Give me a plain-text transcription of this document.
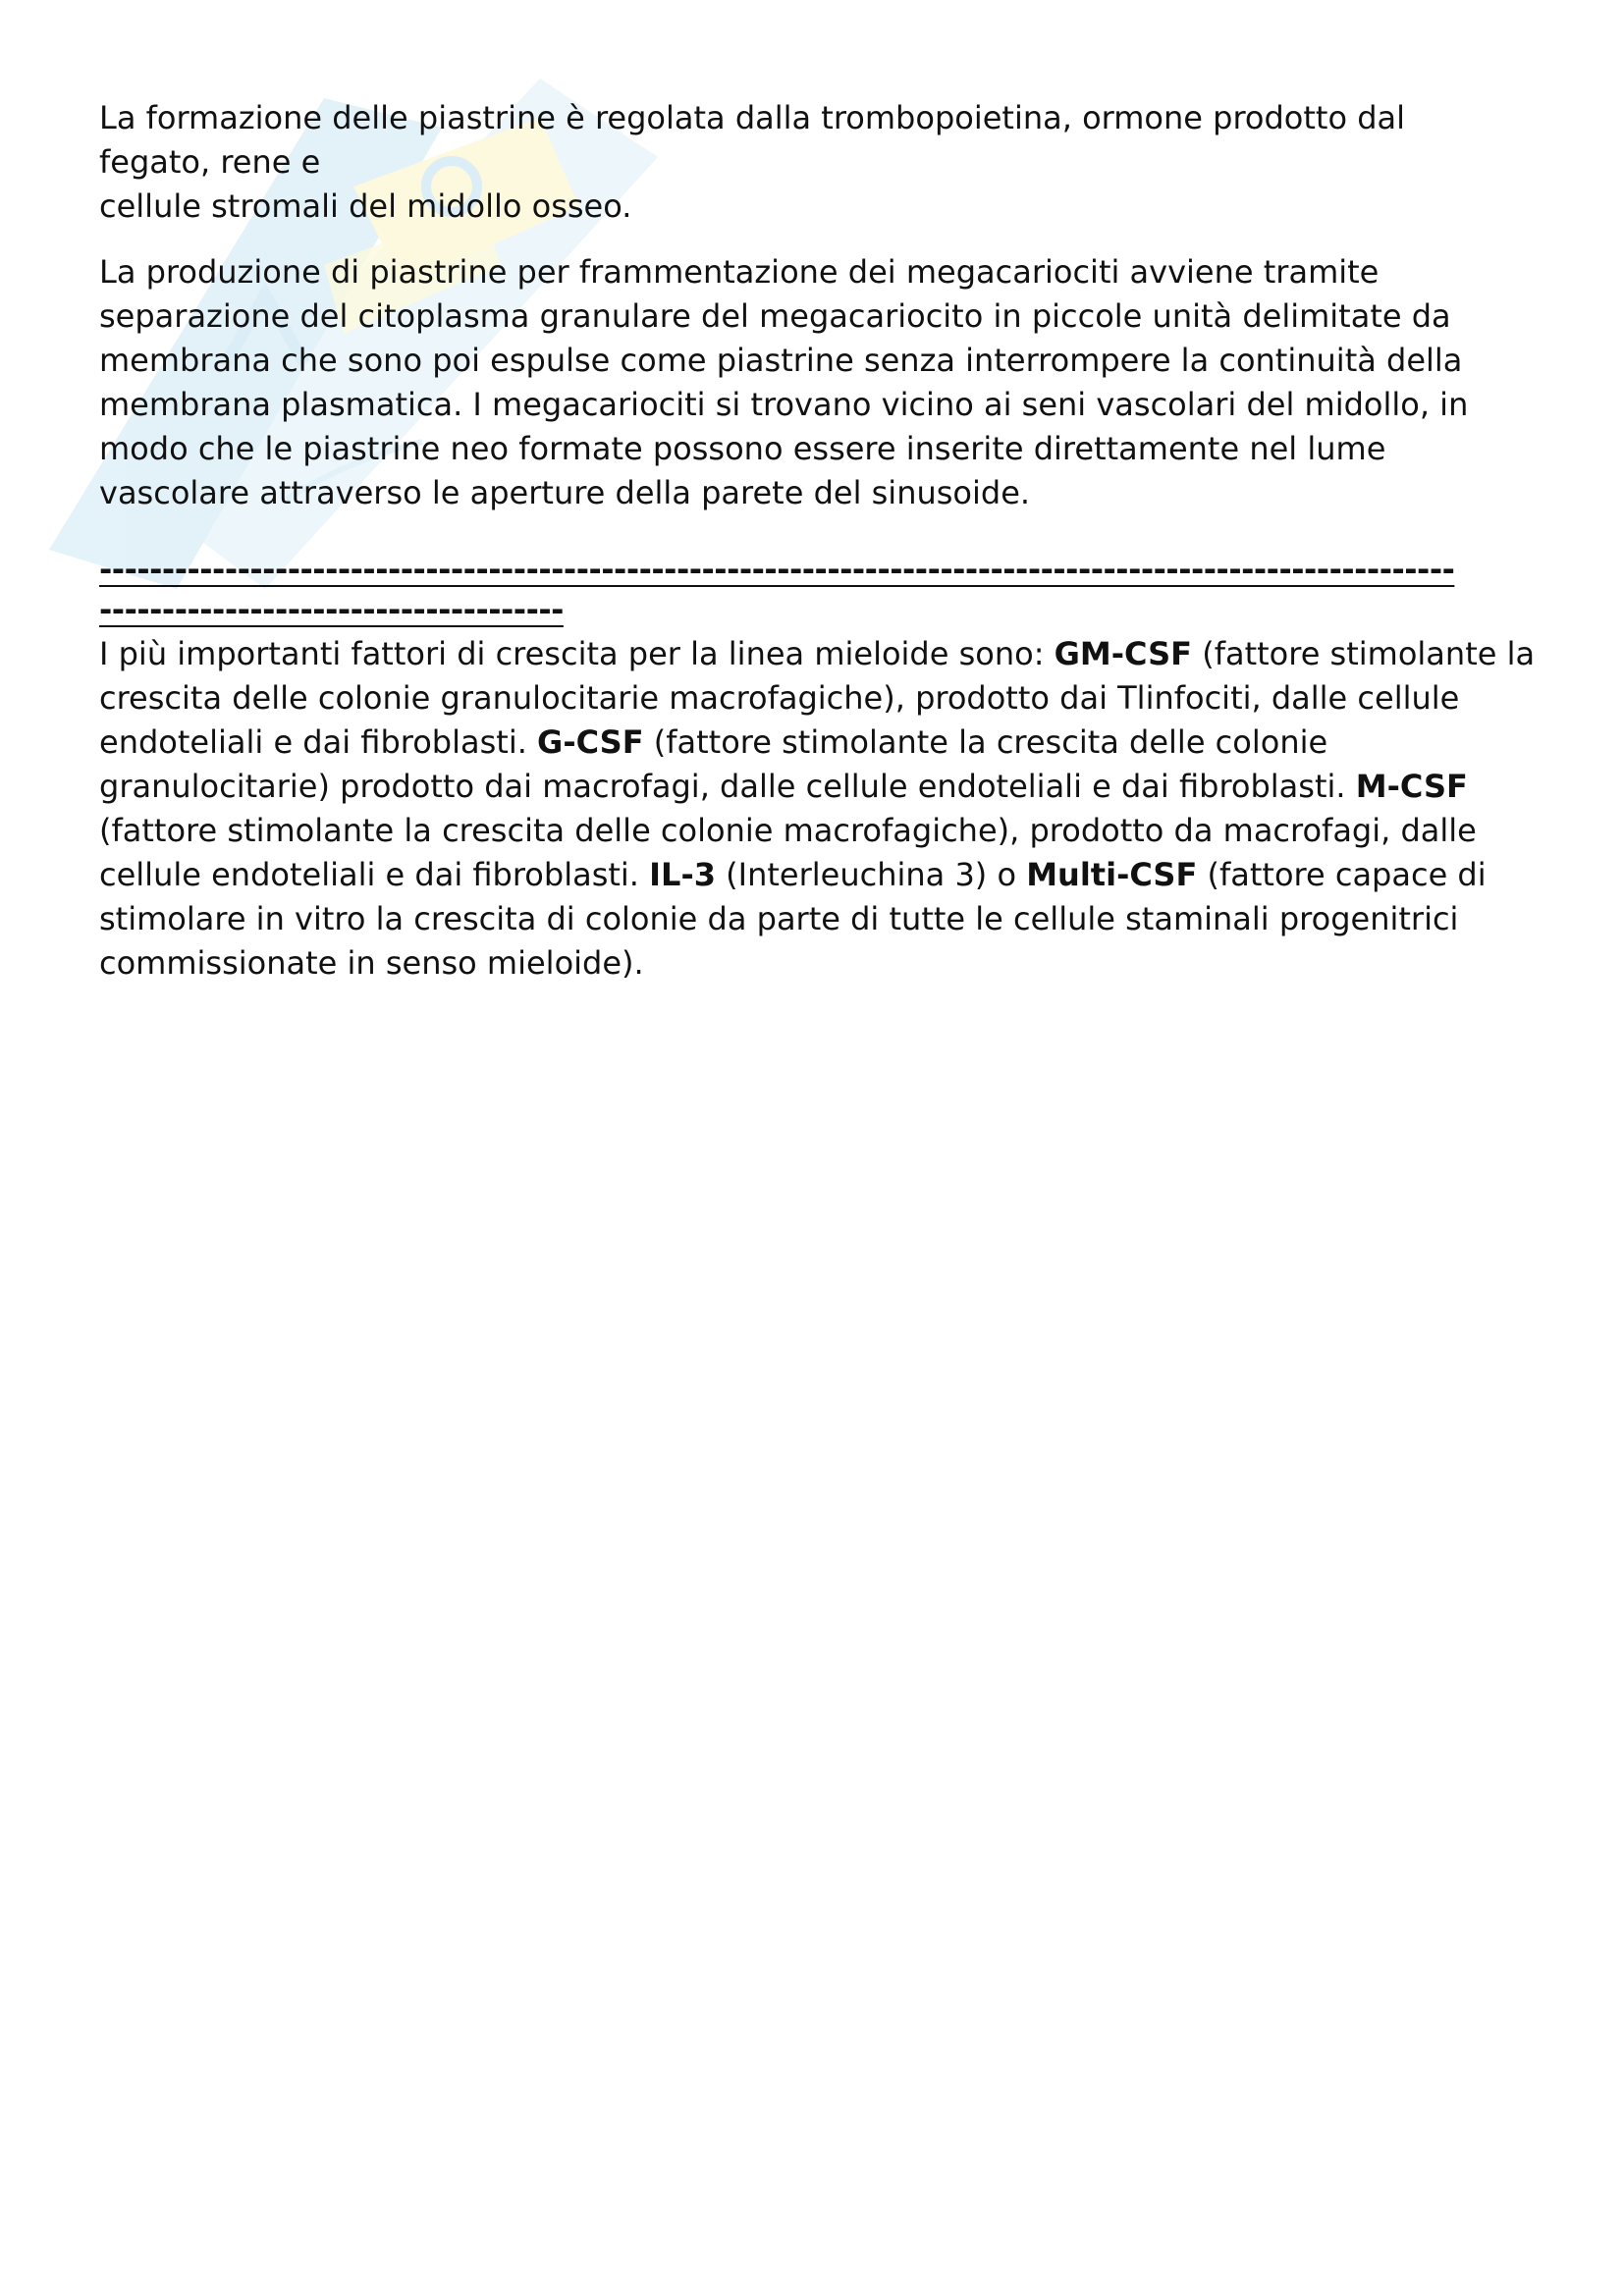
La formazione delle piastrine è regolata dalla trombopoietina, ormone prodotto dal
fegato, rene e
cellule stromali del midollo osseo.

La produzione di piastrine per frammentazione dei megacariociti avviene tramite separazione del citoplasma granulare del megacariocito in piccole unità delimitate da membrana che sono poi espulse come piastrine senza interrompere la continuità della membrana plasmatica. I megacariociti si trovano vicino ai seni vascolari del midollo, in modo che le piastrine neo formate possono essere inserite direttamente nel lume vascolare attraverso le aperture della parete del sinusoide.

------------------------------------------------------------------------------------------------------------
-------------------------------------

I più importanti fattori di crescita per la linea mieloide sono: GM-CSF (fattore stimolante la crescita delle colonie granulocitarie macrofagiche), prodotto dai Tlinfociti, dalle cellule endoteliali e dai fibroblasti. G-CSF (fattore stimolante la crescita delle colonie granulocitarie) prodotto dai macrofagi, dalle cellule endoteliali e dai fibroblasti. M-CSF (fattore stimolante la crescita delle colonie macrofagiche), prodotto da macrofagi, dalle cellule endoteliali e dai fibroblasti. IL-3 (Interleuchina 3) o Multi-CSF (fattore capace di stimolare in vitro la crescita di colonie da parte di tutte le cellule staminali progenitrici commissionate in senso mieloide).
